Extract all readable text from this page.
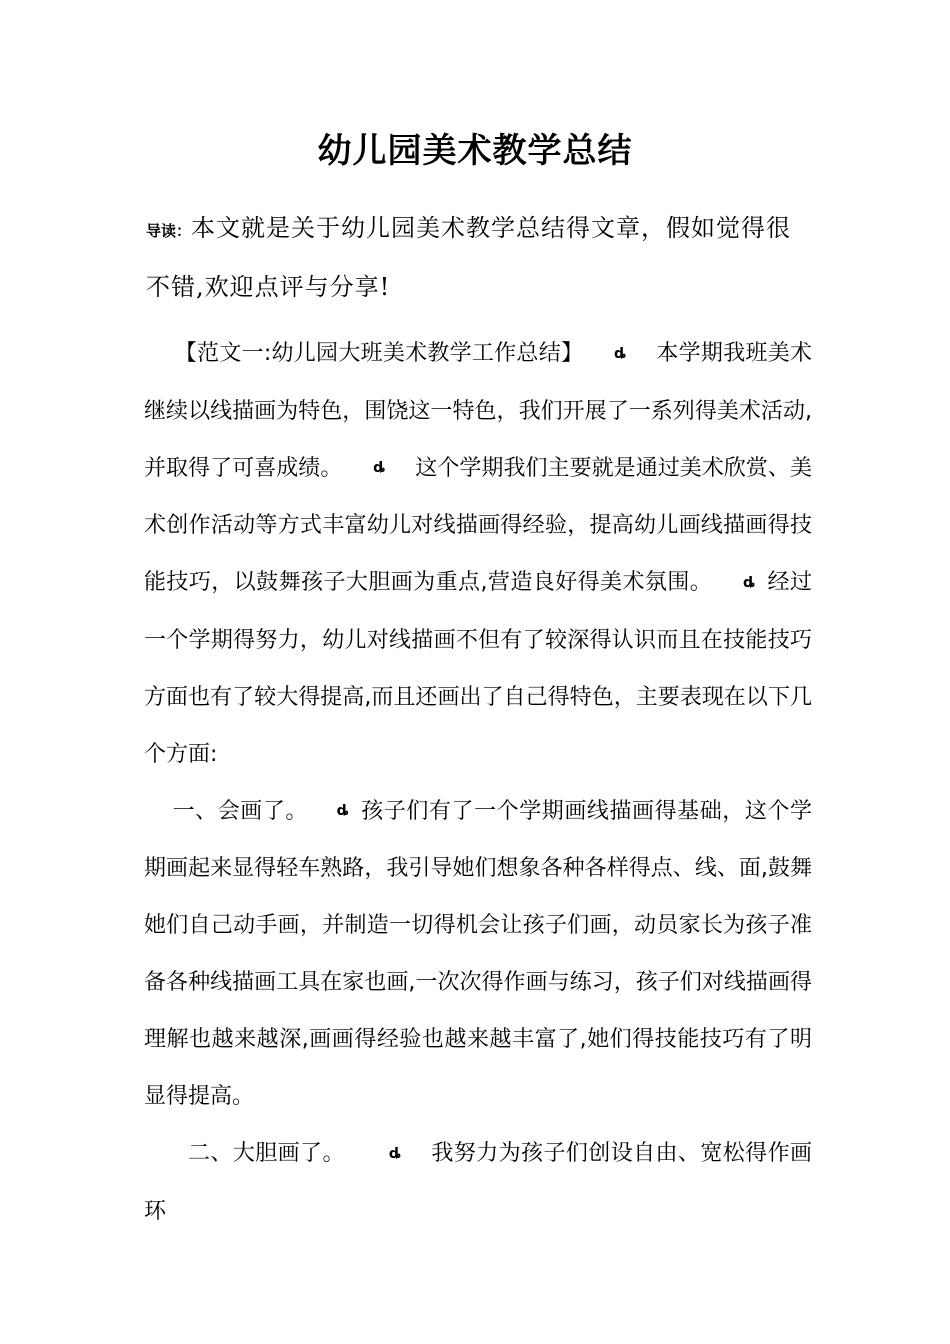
幼儿园美术教学总结
导读：本文就是关于幼儿园美术教学总结得文章，假如觉得很不错,欢迎点评与分享!

【范文一:幼儿园大班美术教学工作总结】 ȡ 本学期我班美术继续以线描画为特色，围饶这一特色，我们开展了一系列得美术活动,并取得了可喜成绩。 ȡ 这个学期我们主要就是通过美术欣赏、美术创作活动等方式丰富幼儿对线描画得经验，提高幼儿画线描画得技能技巧，以鼓舞孩子大胆画为重点,营造良好得美术氛围。 ȡ 经过一个学期得努力，幼儿对线描画不但有了较深得认识而且在技能技巧方面也有了较大得提高,而且还画出了自己得特色，主要表现在以下几个方面:

一、会画了。 ȡ 孩子们有了一个学期画线描画得基础，这个学期画起来显得轻车熟路，我引导她们想象各种各样得点、线、面,鼓舞她们自己动手画，并制造一切得机会让孩子们画，动员家长为孩子准备各种线描画工具在家也画,一次次得作画与练习，孩子们对线描画得理解也越来越深,画画得经验也越来越丰富了,她们得技能技巧有了明显得提高。

二、大胆画了。	ȡ 我努力为孩子们创设自由、宽松得作画环
